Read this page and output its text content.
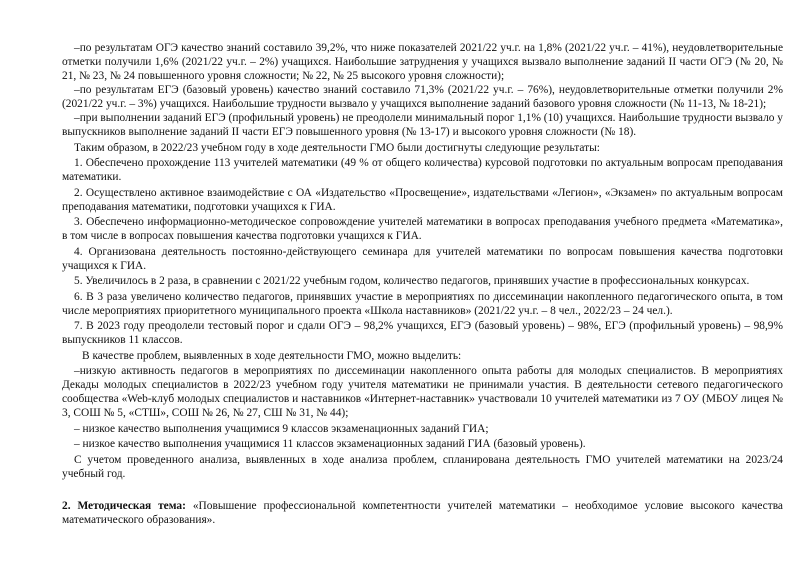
–по результатам ОГЭ качество знаний составило 39,2%, что ниже показателей 2021/22 уч.г. на 1,8% (2021/22 уч.г. – 41%), неудовлетворительные отметки получили 1,6% (2021/22 уч.г. – 2%) учащихся. Наибольшие затруднения у учащихся вызвало выполнение заданий II части ОГЭ (№ 20, № 21, № 23, № 24 повышенного уровня сложности; № 22, № 25 высокого уровня сложности);

–по результатам ЕГЭ (базовый уровень) качество знаний составило 71,3% (2021/22 уч.г. – 76%), неудовлетворительные отметки получили 2% (2021/22 уч.г. – 3%) учащихся. Наибольшие трудности вызвало у учащихся выполнение заданий базового уровня сложности (№ 11-13, № 18-21);

–при выполнении заданий ЕГЭ (профильный уровень) не преодолели минимальный порог 1,1% (10) учащихся. Наибольшие трудности вызвало у выпускников выполнение заданий II части ЕГЭ повышенного уровня (№ 13-17) и высокого уровня сложности (№ 18).

Таким образом, в 2022/23 учебном году в ходе деятельности ГМО были достигнуты следующие результаты:

1. Обеспечено прохождение 113 учителей математики (49 % от общего количества) курсовой подготовки по актуальным вопросам преподавания математики.

2. Осуществлено активное взаимодействие с ОА «Издательство «Просвещение», издательствами «Легион», «Экзамен» по актуальным вопросам преподавания математики, подготовки учащихся к ГИА.

3. Обеспечено информационно-методическое сопровождение учителей математики в вопросах преподавания учебного предмета «Математика», в том числе в вопросах повышения качества подготовки учащихся к ГИА.

4. Организована деятельность постоянно-действующего семинара для учителей математики по вопросам повышения качества подготовки учащихся к ГИА.

5. Увеличилось в 2 раза, в сравнении с 2021/22 учебным годом, количество педагогов, принявших участие в профессиональных конкурсах.

6. В 3 раза увеличено количество педагогов, принявших участие в мероприятиях по диссеминации накопленного педагогического опыта, в том числе мероприятиях приоритетного муниципального проекта «Школа наставников» (2021/22 уч.г. – 8 чел., 2022/23 – 24 чел.).

7. В 2023 году преодолели тестовый порог и сдали ОГЭ – 98,2% учащихся, ЕГЭ (базовый уровень) – 98%, ЕГЭ (профильный уровень) – 98,9% выпускников 11 классов.

В качестве проблем, выявленных в ходе деятельности ГМО, можно выделить:

–низкую активность педагогов в мероприятиях по диссеминации накопленного опыта работы для молодых специалистов. В мероприятиях Декады молодых специалистов в 2022/23 учебном году учителя математики не принимали участия. В деятельности сетевого педагогического сообщества «Web-клуб молодых специалистов и наставников «Интернет-наставник» участвовали 10 учителей математики из 7 ОУ (МБОУ лицея № 3, СОШ № 5, «СТШ», СОШ № 26, № 27, СШ № 31, № 44);

– низкое качество выполнения учащимися 9 классов экзаменационных заданий ГИА;

– низкое качество выполнения учащимися 11 классов экзаменационных заданий ГИА (базовый уровень).

С учетом проведенного анализа, выявленных в ходе анализа проблем, спланирована деятельность ГМО учителей математики на 2023/24 учебный год.

2. Методическая тема: «Повышение профессиональной компетентности учителей математики – необходимое условие высокого качества математического образования».
